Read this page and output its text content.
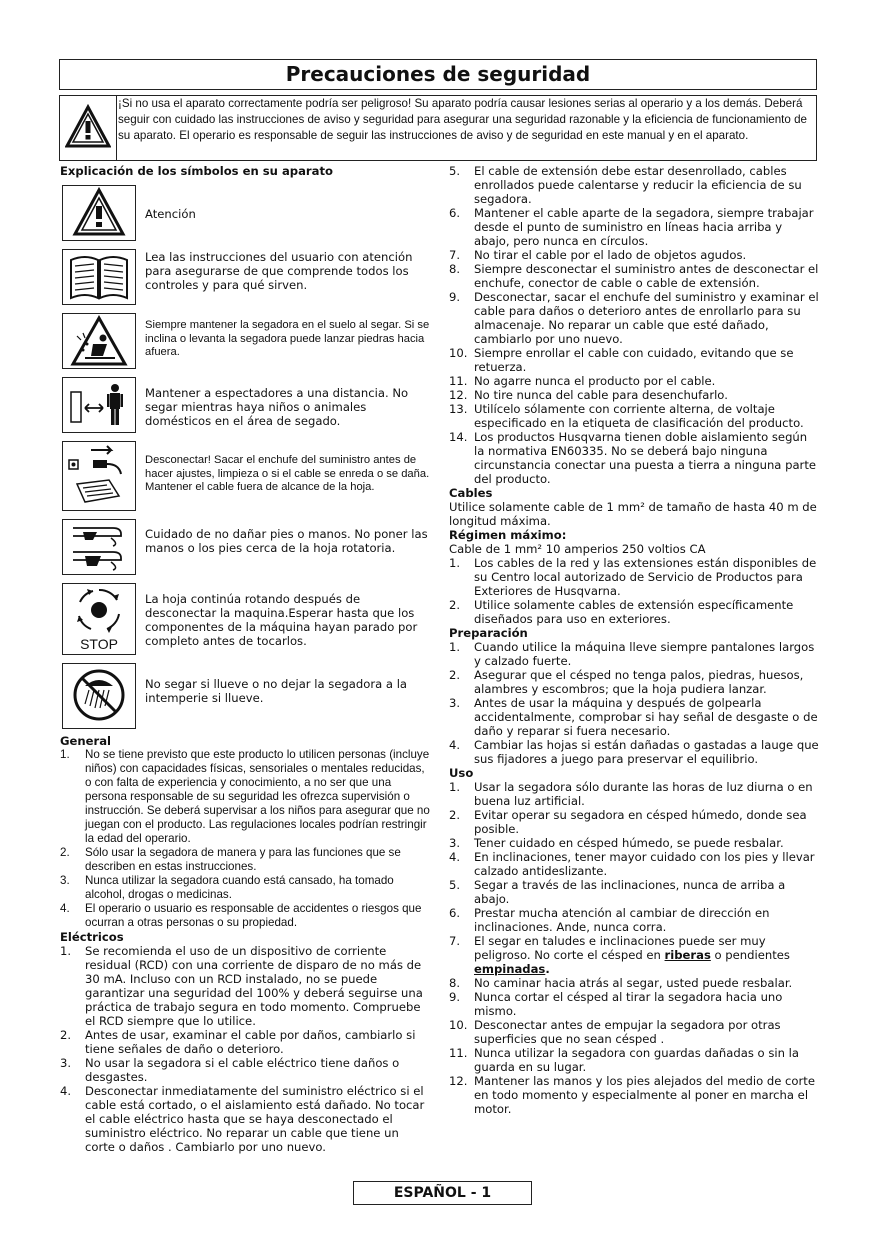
Precauciones de seguridad
¡Si no usa el aparato correctamente podría ser peligroso! Su aparato podría causar lesiones serias al operario y a los demás. Deberá seguir con cuidado las instrucciones de aviso y seguridad para asegurar una seguridad razonable y la eficiencia de funcionamiento de su aparato. El operario es responsable de seguir las instrucciones de aviso y de seguridad en este manual y en el aparato.
Explicación de los símbolos en su aparato
Atención
Lea las instrucciones del usuario con atención para asegurarse de que comprende todos los controles y para qué sirven.
Siempre mantener la segadora en el suelo al segar. Si se inclina o levanta la segadora puede lanzar piedras hacia afuera.
Mantener a espectadores a una distancia. No segar mientras haya niños o animales domésticos en el área de segado.
Desconectar! Sacar el enchufe del suministro antes de hacer ajustes, limpieza o si el cable se enreda o se daña. Mantener el cable fuera de alcance de la hoja.
Cuidado de no dañar pies o manos. No poner las manos o los pies cerca de la hoja rotatoria.
STOP
La hoja continúa rotando después de desconectar la maquina.Esperar hasta que los componentes de la máquina hayan parado por completo antes de tocarlos.
No segar si llueve o no dejar la segadora a la intemperie si llueve.
General
1. No se tiene previsto que este producto lo utilicen personas (incluye niños) con capacidades físicas, sensoriales o mentales reducidas, o con falta de experiencia y conocimiento, a no ser que una persona responsable de su seguridad les ofrezca supervisión o instrucción. Se deberá supervisar a los niños para asegurar que no juegan con el producto. Las regulaciones locales podrían restringir la edad del operario.
2. Sólo usar la segadora de manera y para las funciones que se describen en estas instrucciones.
3. Nunca utilizar la segadora cuando está cansado, ha tomado alcohol, drogas o medicinas.
4. El operario o usuario es responsable de accidentes o riesgos que ocurran a otras personas o su propiedad.
Eléctricos
1. Se recomienda el uso de un dispositivo de corriente residual (RCD) con una corriente de disparo de no más de 30 mA. Incluso con un RCD instalado, no se puede garantizar una seguridad del 100% y deberá seguirse una práctica de trabajo segura en todo momento. Compruebe el RCD siempre que lo utilice.
2. Antes de usar, examinar el cable por daños, cambiarlo si tiene señales de daño o deterioro.
3. No usar la segadora si el cable eléctrico tiene daños o desgastes.
4. Desconectar inmediatamente del suministro eléctrico si el cable está cortado, o el aislamiento está dañado. No tocar el cable eléctrico hasta que se haya desconectado el suministro eléctrico. No reparar un cable que tiene un corte o daños . Cambiarlo por uno nuevo.
5. El cable de extensión debe estar desenrollado, cables enrollados puede calentarse y reducir la eficiencia de su segadora.
6. Mantener el cable aparte de la segadora, siempre trabajar desde el punto de suministro en líneas hacia arriba y abajo, pero nunca en círculos.
7. No tirar el cable por el lado de objetos agudos.
8. Siempre desconectar el suministro antes de desconectar el enchufe, conector de cable o cable de extensión.
9. Desconectar, sacar el enchufe del suministro y examinar el cable para daños o deterioro antes de enrollarlo para su almacenaje. No reparar un cable que esté dañado, cambiarlo por uno nuevo.
10. Siempre enrollar el cable con cuidado, evitando que se retuerza.
11. No agarre nunca el producto por el cable.
12. No tire nunca del cable para desenchufarlo.
13. Utilícelo sólamente con corriente alterna, de voltaje especificado en la etiqueta de clasificación del producto.
14. Los productos Husqvarna tienen doble aislamiento según la normativa EN60335. No se deberá bajo ninguna circunstancia conectar una puesta a tierra a ninguna parte del producto.
Cables

Utilice solamente cable de 1 mm² de tamaño de hasta 40 m de longitud máxima.

Régimen máximo:

Cable de 1 mm² 10 amperios 250 voltios CA

1. Los cables de la red y las extensiones están disponibles de su Centro local autorizado de Servicio de Productos para Exteriores de Husqvarna.
2. Utilice solamente cables de extensión específicamente diseñados para uso en exteriores.
Preparación
1. Cuando utilice la máquina lleve siempre pantalones largos y calzado fuerte.
2. Asegurar que el césped no tenga palos, piedras, huesos, alambres y escombros; que la hoja pudiera lanzar.
3. Antes de usar la máquina y después de golpearla accidentalmente, comprobar si hay señal de desgaste o de daño y reparar si fuera necesario.
4. Cambiar las hojas si están dañadas o gastadas a lauge que sus fijadores a juego para preservar el equilibrio.
Uso
1. Usar la segadora sólo durante las horas de luz diurna o en buena luz artificial.
2. Evitar operar su segadora en césped húmedo, donde sea posible.
3. Tener cuidado en césped húmedo, se puede resbalar.
4. En inclinaciones, tener mayor cuidado con los pies y llevar calzado antideslizante.
5. Segar a través de las inclinaciones, nunca de arriba a abajo.
6. Prestar mucha atención al cambiar de dirección en inclinaciones. Ande, nunca corra.
7. El segar en taludes e inclinaciones puede ser muy peligroso. No corte el césped en riberas o pendientes empinadas.
8. No caminar hacia atrás al segar, usted puede resbalar.
9. Nunca cortar el césped al tirar la segadora hacia uno mismo.
10. Desconectar antes de empujar la segadora por otras superficies que no sean césped .
11. Nunca utilizar la segadora con guardas dañadas o sin la guarda en su lugar.
12. Mantener las manos y los pies alejados del medio de corte en todo momento y especialmente al poner en marcha el motor.
ESPAÑOL - 1
